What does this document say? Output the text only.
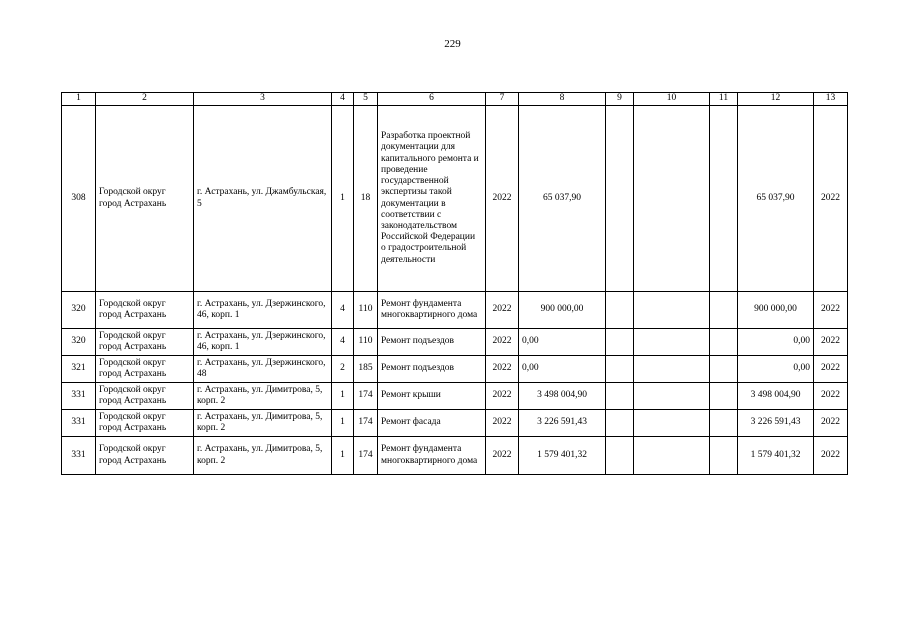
229
1	2	3	4	5	6	7	8	9	10	11	12	13
308	Городской округ город Астрахань	г. Астрахань, ул. Джамбульская, 5	1	18	Разработка проектной документации для капитального ремонта и проведение государственной экспертизы такой документации в соответствии с законодательством Российской Федерации о градостроительной деятельности	2022	65 037,90				65 037,90	2022
320	Городской округ город Астрахань	г. Астрахань, ул. Дзержинского, 46, корп. 1	4	110	Ремонт фундамента многоквартирного дома	2022	900 000,00				900 000,00	2022
320	Городской округ город Астрахань	г. Астрахань, ул. Дзержинского, 46, корп. 1	4	110	Ремонт подъездов	2022	0,00				0,00	2022
321	Городской округ город Астрахань	г. Астрахань, ул. Дзержинского, 48	2	185	Ремонт подъездов	2022	0,00				0,00	2022
331	Городской округ город Астрахань	г. Астрахань, ул. Димитрова, 5, корп. 2	1	174	Ремонт крыши	2022	3 498 004,90				3 498 004,90	2022
331	Городской округ город Астрахань	г. Астрахань, ул. Димитрова, 5, корп. 2	1	174	Ремонт фасада	2022	3 226 591,43				3 226 591,43	2022
331	Городской округ город Астрахань	г. Астрахань, ул. Димитрова, 5, корп. 2	1	174	Ремонт фундамента многоквартирного дома	2022	1 579 401,32				1 579 401,32	2022
